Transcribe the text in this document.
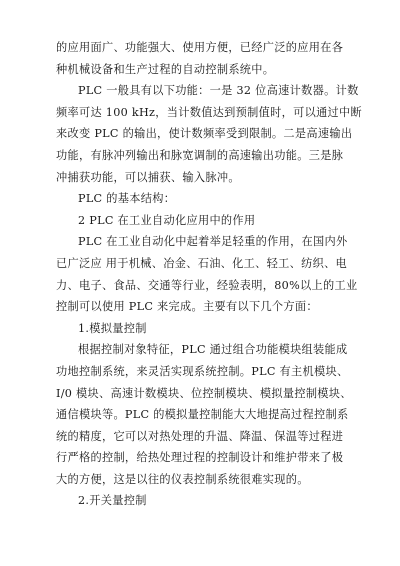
的应用面广、功能强大、使用方便，已经广泛的应用在各
种机械设备和生产过程的自动控制系统中。
PLC 一般具有以下功能：一是 32 位高速计数器。计数
频率可达 100 kHz，当计数值达到预制值时，可以通过中断
来改变 PLC 的输出，使计数频率受到限制。二是高速输出
功能，有脉冲列输出和脉宽调制的高速输出功能。三是脉
冲捕获功能，可以捕获、输入脉冲。
PLC 的基本结构：
2 PLC 在工业自动化应用中的作用
PLC 在工业自动化中起着举足轻重的作用，在国内外
已广泛应 用于机械、冶金、石油、化工、轻工、纺织、电
力、电子、食品、交通等行业，经验表明，80%以上的工业
控制可以使用 PLC 来完成。主要有以下几个方面：
1.模拟量控制
根据控制对象特征，PLC 通过组合功能模块组装能成
功地控制系统，来灵活实现系统控制。PLC 有主机模块、
I/0 模块、高速计数模块、位控制模块、模拟量控制模块、
通信模块等。PLC 的模拟量控制能大大地提高过程控制系
统的精度，它可以对热处理的升温、降温、保温等过程进
行严格的控制，给热处理过程的控制设计和维护带来了极
大的方便，这是以往的仪表控制系统很难实现的。
2.开关量控制
